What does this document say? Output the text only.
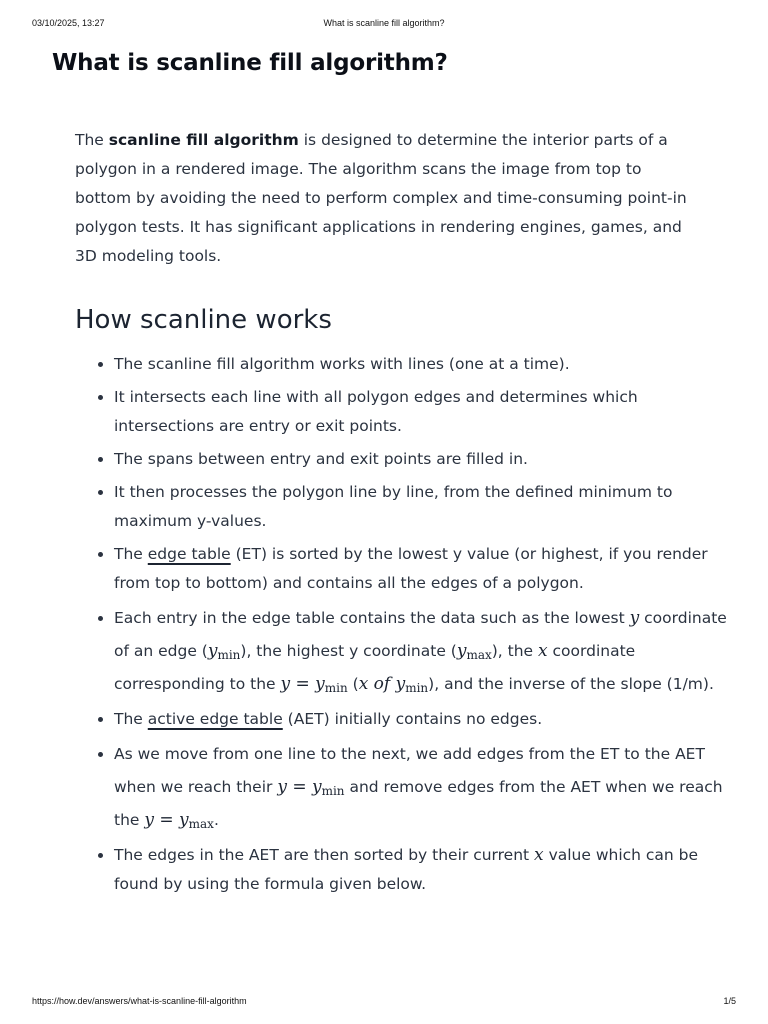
03/10/2025, 13:27	What is scanline fill algorithm?
What is scanline fill algorithm?

The scanline fill algorithm is designed to determine the interior parts of a polygon in a rendered image. The algorithm scans the image from top to bottom by avoiding the need to perform complex and time-consuming point-in polygon tests. It has significant applications in rendering engines, games, and 3D modeling tools.

How scanline works
• The scanline fill algorithm works with lines (one at a time).
• It intersects each line with all polygon edges and determines which intersections are entry or exit points.
• The spans between entry and exit points are filled in.
• It then processes the polygon line by line, from the defined minimum to maximum y-values.
• The edge table (ET) is sorted by the lowest y value (or highest, if you render from top to bottom) and contains all the edges of a polygon.
• Each entry in the edge table contains the data such as the lowest y coordinate of an edge $(y_{min})$, the highest y coordinate $(y_{max})$, the x coordinate corresponding to the $y = y_{min}$ (x of $y_{min}$), and the inverse of the slope (1/m).
• The active edge table (AET) initially contains no edges.
• As we move from one line to the next, we add edges from the ET to the AET when we reach their $y = y_{min}$ and remove edges from the AET when we reach the $y = y_{max}$.
• The edges in the AET are then sorted by their current x value which can be found by using the formula given below.
https://how.dev/answers/what-is-scanline-fill-algorithm	1/5
